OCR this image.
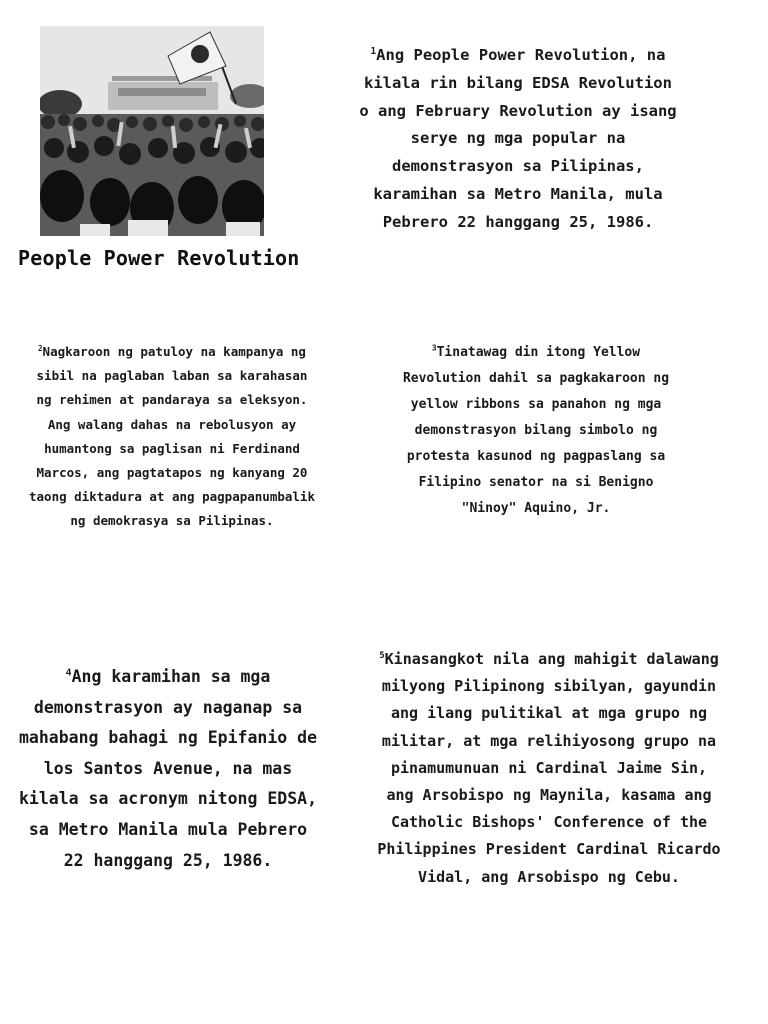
People Power Revolution
$^1$Ang People Power Revolution, na kilala rin bilang EDSA Revolution o ang February Revolution ay isang serye ng mga popular na demonstrasyon sa Pilipinas, karamihan sa Metro Manila, mula Pebrero 22 hanggang 25, 1986.
$^2$Nagkaroon ng patuloy na kampanya ng sibil na paglaban laban sa karahasan ng rehimen at pandaraya sa eleksyon. Ang walang dahas na rebolusyon ay humantong sa paglisan ni Ferdinand Marcos, ang pagtatapos ng kanyang 20 taong diktadura at ang pagpapanumbalik ng demokrasya sa Pilipinas.
$^3$Tinatawag din itong Yellow Revolution dahil sa pagkakaroon ng yellow ribbons sa panahon ng mga demonstrasyon bilang simbolo ng protesta kasunod ng pagpaslang sa Filipino senator na si Benigno "Ninoy" Aquino, Jr.
$^4$Ang karamihan sa mga demonstrasyon ay naganap sa mahabang bahagi ng Epifanio de los Santos Avenue, na mas kilala sa acronym nitong EDSA, sa Metro Manila mula Pebrero 22 hanggang 25, 1986.
$^5$Kinasangkot nila ang mahigit dalawang milyong Pilipinong sibilyan, gayundin ang ilang pulitikal at mga grupo ng militar, at mga relihiyosong grupo na pinamumunuan ni Cardinal Jaime Sin, ang Arsobispo ng Maynila, kasama ang Catholic Bishops' Conference of the Philippines President Cardinal Ricardo Vidal, ang Arsobispo ng Cebu.
